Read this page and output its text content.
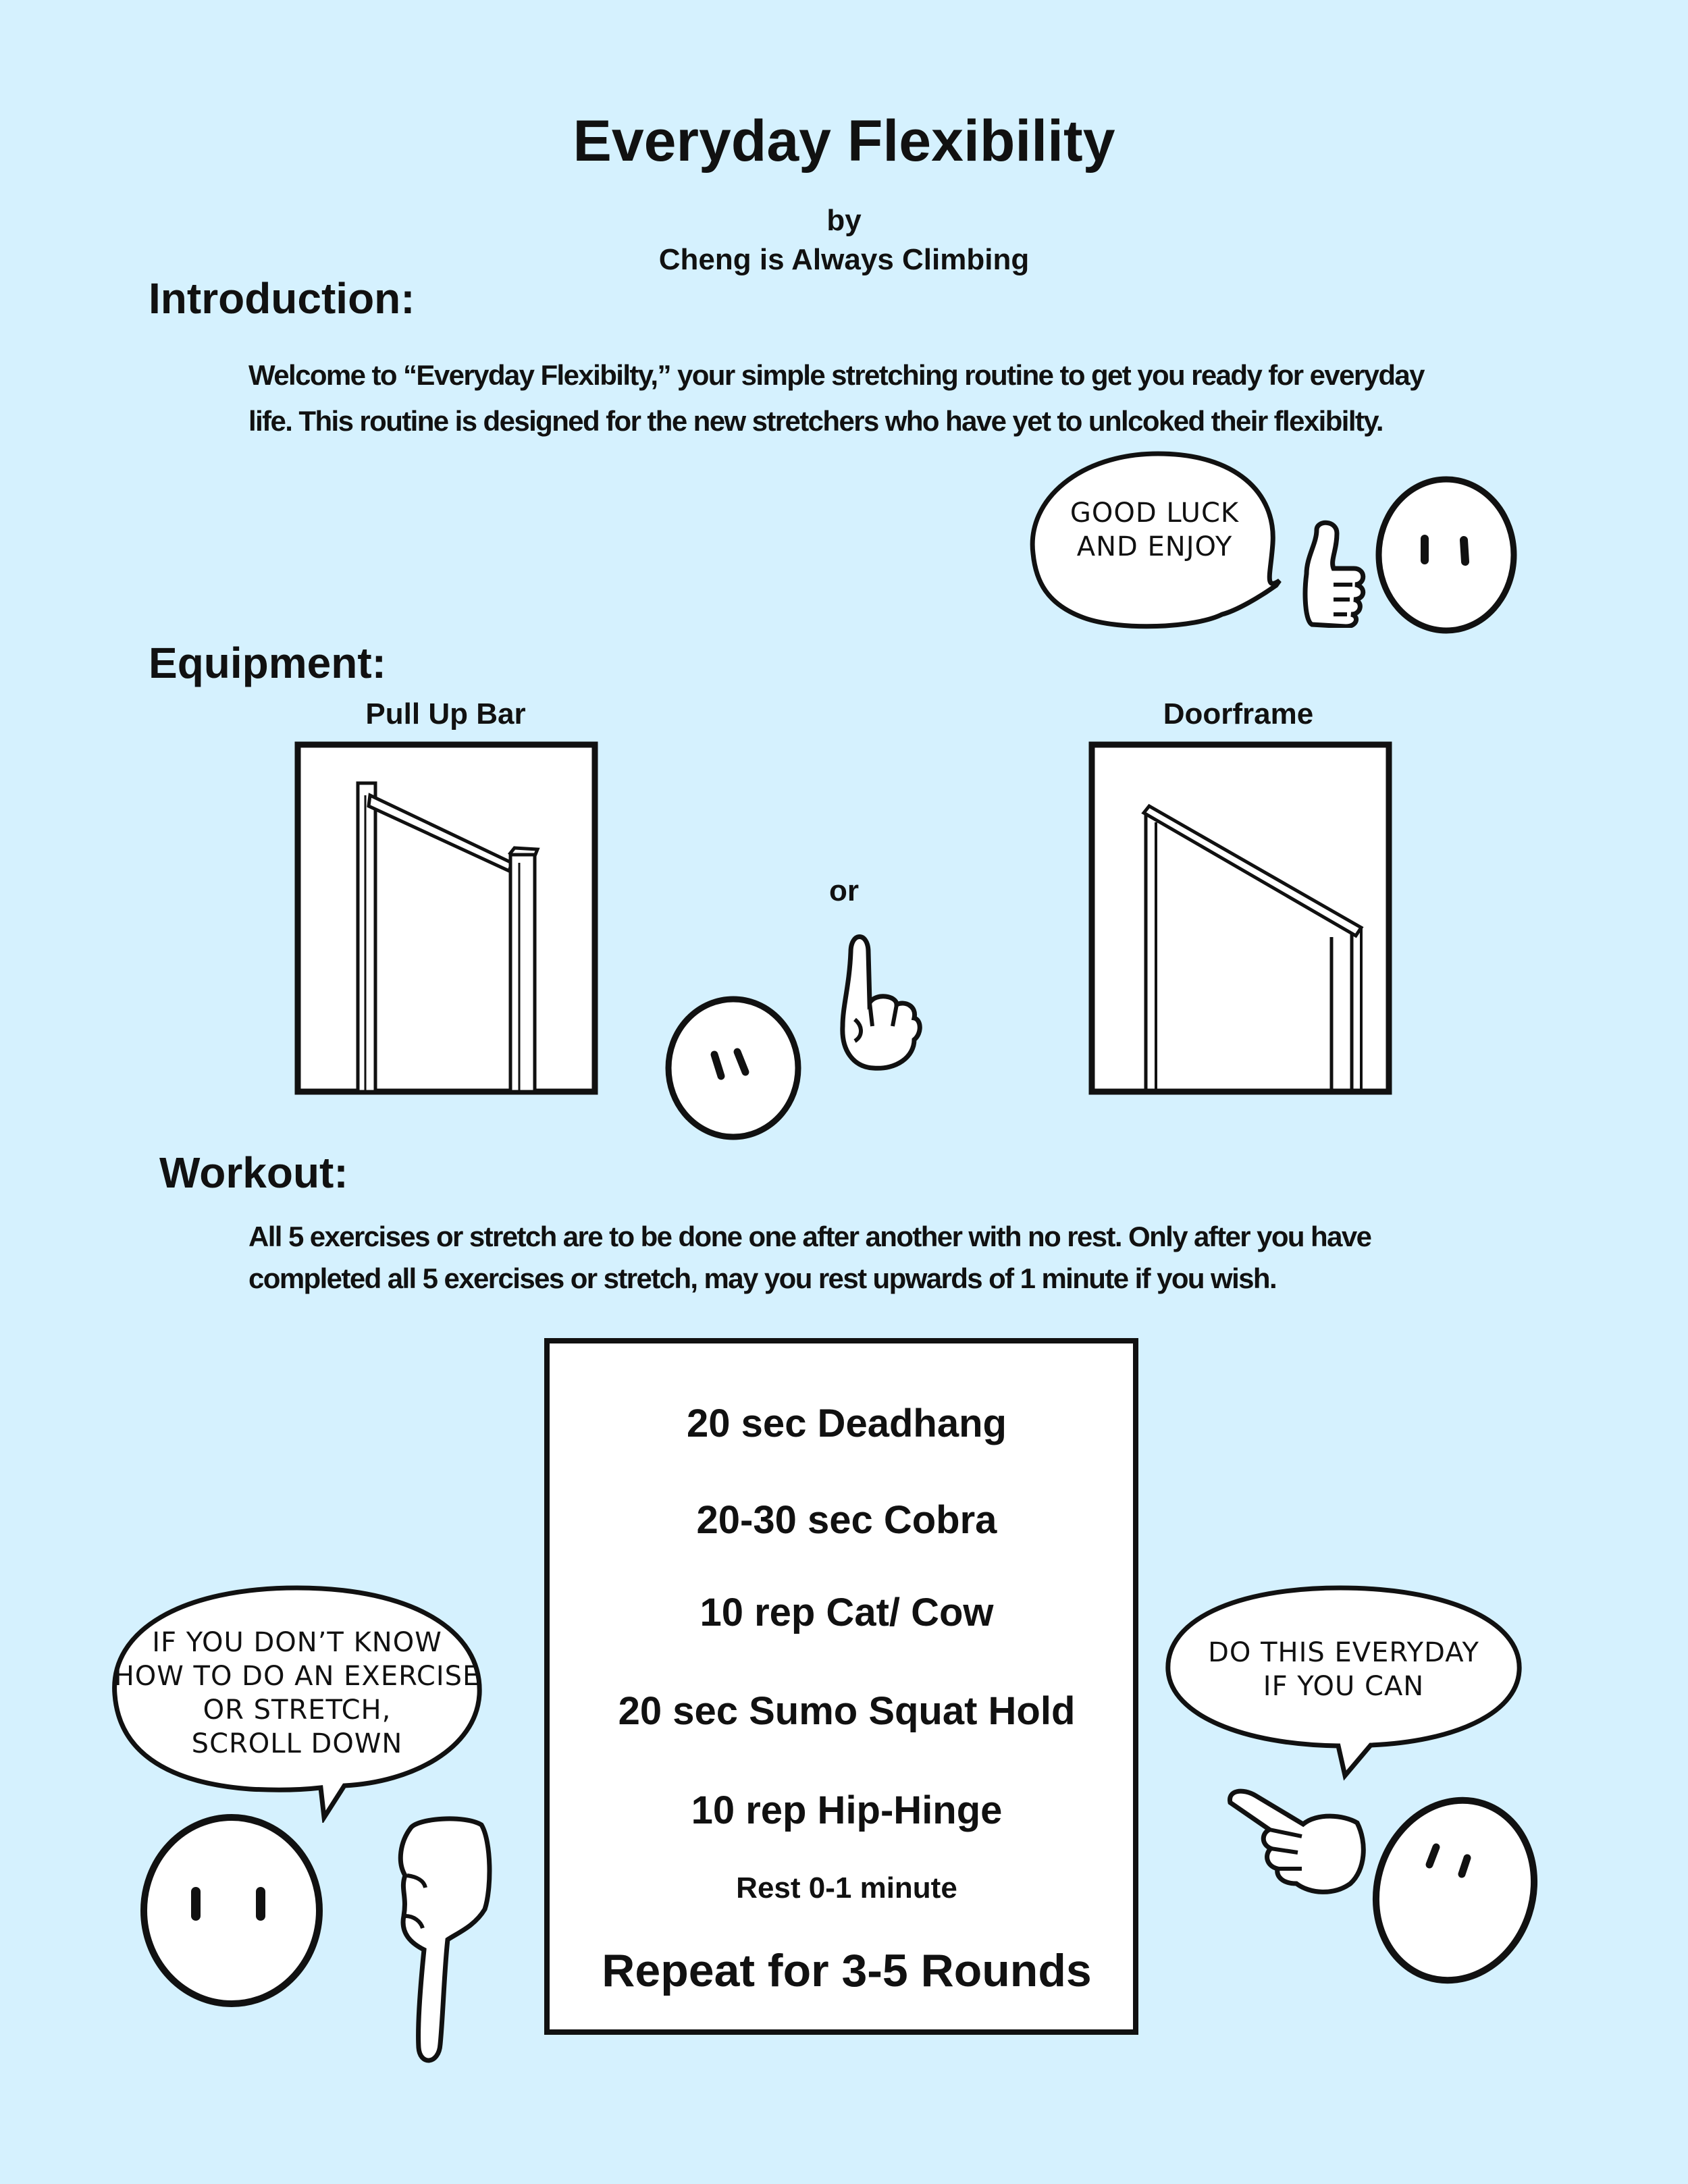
Everyday Flexibility
by
Cheng is Always Climbing
Introduction:

Welcome to “Everyday Flexibilty,” your simple stretching routine to get you ready for everyday

life. This routine is designed for the new stretchers who have yet to unlcoked their flexibilty.

GOOD LUCK
AND ENJOY
Equipment:
Pull Up Bar
or
Doorframe
Workout:

All 5 exercises or stretch are to be done one after another with no rest. Only after you have

completed all 5 exercises or stretch, may you rest upwards of 1 minute if you wish.

20 sec Deadhang
20-30 sec Cobra
10 rep Cat/ Cow
20 sec Sumo Squat Hold
10 rep Hip-Hinge
Rest 0-1 minute
Repeat for 3-5 Rounds
IF YOU DON’T KNOW
HOW TO DO AN EXERCISE
OR STRETCH,
SCROLL DOWN
DO THIS EVERYDAY
IF YOU CAN
